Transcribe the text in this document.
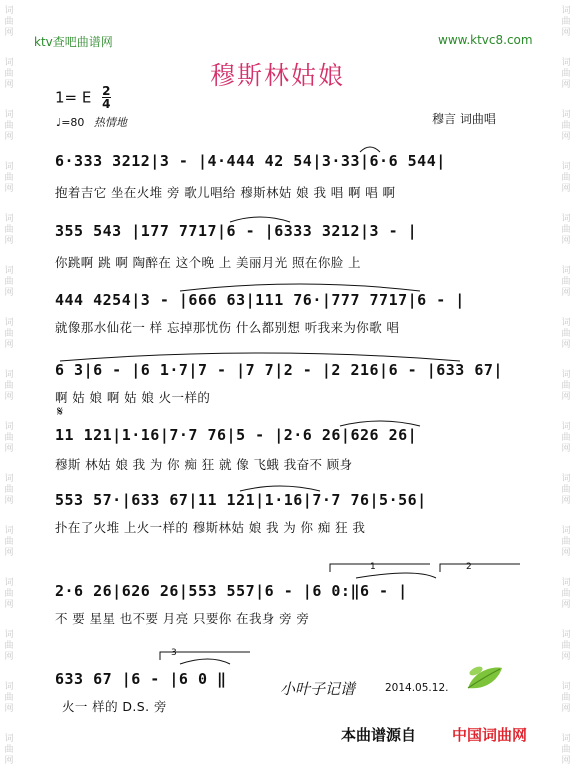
词
曲
网
词
曲
网
词
曲
网
词
曲
网
词
曲
网
词
曲
网
词
曲
网
词
曲
网
词
曲
网
词
曲
网
词
曲
网
词
曲
网
词
曲
网
词
曲
网
词
曲
网
词
曲
网
词
曲
网
词
曲
网
词
曲
网
词
曲
网
词
曲
网
词
曲
网
词
曲
网
词
曲
网
词
曲
网
词
曲
网
词
曲
网
词
曲
网
词
曲
网
词
曲
网
ktv查吧曲谱网	www.ktvc8.com
穆斯林姑娘
1= E $\frac{2}{4}$
♩=80 热情地	穆言 词曲唱
6·333 3212|3 - |4·444 42 54|3·33|6·6 544|
抱着吉它 坐在火堆 旁 歌儿唱给 穆斯林姑 娘 我 唱 啊 唱 啊
355 543 |177 7717|6 - |6333 3212|3 - |
你跳啊 跳 啊 陶醉在 这个晚 上 美丽月光 照在你脸 上
444 4254|3 - |666 63|111 76·|777 7717|6 - |
就像那水仙花一 样 忘掉那忧伤 什么都别想 听我来为你歌 唱
6 3|6 - |6 1·7|7 - |7 7|2 - |2 216|6 - |633 67|
啊 姑 娘 啊 姑 娘 火一样的
𝄋
11 121|1·16|7·7 76|5 - |2·6 26|626 26|
穆斯 林姑 娘 我 为 你 痴 狂 就 像 飞蛾 我奋不 顾身
553 57·|633 67|11 121|1·16|7·7 76|5·56|
扑在了火堆 上火一样的 穆斯林姑 娘 我 为 你 痴 狂 我
1	2
2·6 26|626 26|553 557|6 - |6 0:‖6 - |
不 要 星星 也不要 月亮 只要你 在我身 旁 旁
3
633 67 |6 - |6 0 ‖
火一 样的 D.S. 旁
小叶子记谱	2014.05.12.
本曲谱源自 中国词曲网
